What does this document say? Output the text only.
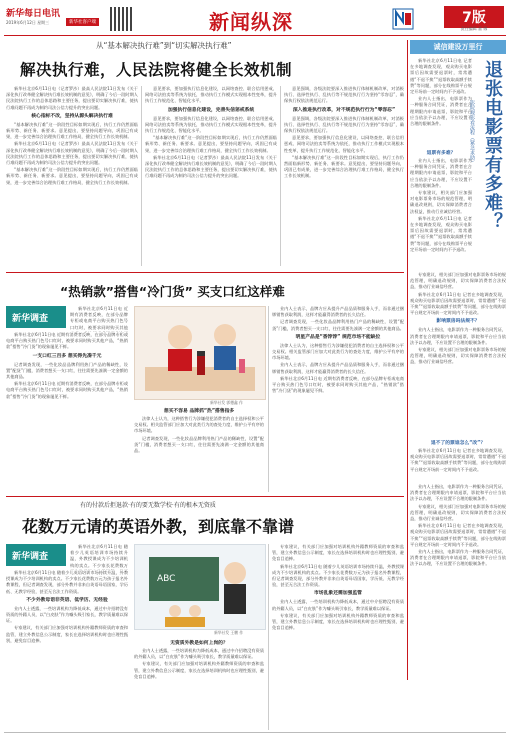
新华每日电讯
2019年6月12日 星期三	新华社客户端	新闻纵深	7版
责任编辑 董 娜
从“基本解决执行难”到“切实解决执行难”
解决执行难，人民法院将健全长效机制

新华社北京6月11日电（记者罗沙）最高人民法院11日发布《关于深化执行改革健全解决执行难长效机制的意见》，明确了今后一段时期人民法院执行工作的总体思路和主要任务，提出要切实解决执行难，使执行难问题不再成为制约司法公信力提升的突出问题。

核心指标不改，坚持从源头解决执行难

“基本解决执行难”这一阶段性目标如期实现后，执行工作仍然面临新形势、新任务、新要求。意见提出，要坚持问题导向，巩固已有成果，进一步完善综合治理执行难工作格局，健全执行工作长效机制。

新华社北京6月11日电（记者罗沙）最高人民法院11日发布《关于深化执行改革健全解决执行难长效机制的意见》，明确了今后一段时期人民法院执行工作的总体思路和主要任务，提出要切实解决执行难，使执行难问题不再成为制约司法公信力提升的突出问题。

“基本解决执行难”这一阶段性目标如期实现后，执行工作仍然面临新形势、新任务、新要求。意见提出，要坚持问题导向，巩固已有成果，进一步完善综合治理执行难工作格局，健全执行工作长效机制。

意见要求，要加强执行信息化建设，以网络查控、联合信用惩戒、网络司法拍卖等系统为依托，推动执行工作模式实现根本性变革，提升执行工作规范化、智能化水平。

加强执行信息化建设，完善失信惩戒系统

意见要求，要加强执行信息化建设，以网络查控、联合信用惩戒、网络司法拍卖等系统为依托，推动执行工作模式实现根本性变革，提升执行工作规范化、智能化水平。

“基本解决执行难”这一阶段性目标如期实现后，执行工作仍然面临新形势、新任务、新要求。意见提出，要坚持问题导向，巩固已有成果，进一步完善综合治理执行难工作格局，健全执行工作长效机制。

新华社北京6月11日电（记者罗沙）最高人民法院11日发布《关于深化执行改革健全解决执行难长效机制的意见》，明确了今后一段时期人民法院执行工作的总体思路和主要任务，提出要切实解决执行难，使执行难问题不再成为制约司法公信力提升的突出问题。

意见强调，各级法院要深入推进执行体制机制改革，对消极执行、选择性执行、乱执行等不规范执行行为坚持“零容忍”，确保执行权依法规范运行。

深入推进执行改革，对不规范执行行为“零容忍”

意见强调，各级法院要深入推进执行体制机制改革，对消极执行、选择性执行、乱执行等不规范执行行为坚持“零容忍”，确保执行权依法规范运行。

意见要求，要加强执行信息化建设，以网络查控、联合信用惩戒、网络司法拍卖等系统为依托，推动执行工作模式实现根本性变革，提升执行工作规范化、智能化水平。

“基本解决执行难”这一阶段性目标如期实现后，执行工作仍然面临新形势、新任务、新要求。意见提出，要坚持问题导向，巩固已有成果，进一步完善综合治理执行难工作格局，健全执行工作长效机制。

诚信建设万里行

新华社北京6月11日电 记者在多地调查发现，观众购买电影票后因故需要退票时，常常遭遇“不退不换”“退票收取高额手续费”等问题，部分在线购票平台规定开场前一定时间内不予退改。

业内人士指出，电影票作为一种服务合同凭证，消费者在合理期限内申请退票，影院和平台应当依法予以办理，不应设置不合理的限制条件。	退张电影票有多难？
影院观影看流程（紧急求助）
退票有多难？

业内人士指出，电影票作为一种服务合同凭证，消费者在合理期限内申请退票，影院和平台应当依法予以办理，不应设置不合理的限制条件。

专家建议，相关部门应加强对电影票务市场的规范管理，明确退改规则，切实保障消费者合法权益，推动行业诚信经营。

新华社北京6月11日电 记者在多地调查发现，观众购买电影票后因故需要退票时，常常遭遇“不退不换”“退票收取高额手续费”等问题，部分在线购票平台规定开场前一定时间内不予退改。

专家建议，相关部门应加强对电影票务市场的规范管理，明确退改规则，切实保障消费者合法权益，推动行业诚信经营。

新华社北京6月11日电 记者在多地调查发现，观众购买电影票后因故需要退票时，常常遭遇“不退不换”“退票收取高额手续费”等问题，部分在线购票平台规定开场前一定时间内不予退改。

影响票房吗法规不？

业内人士指出，电影票作为一种服务合同凭证，消费者在合理期限内申请退票，影院和平台应当依法予以办理，不应设置不合理的限制条件。

专家建议，相关部门应加强对电影票务市场的规范管理，明确退改规则，切实保障消费者合法权益，推动行业诚信经营。

退不了的票谁怎么“改”？

新华社北京6月11日电 记者在多地调查发现，观众购买电影票后因故需要退票时，常常遭遇“不退不换”“退票收取高额手续费”等问题，部分在线购票平台规定开场前一定时间内不予退改。

“热销款”搭售“冷门货” 买支口红这样难
新华调查

新华社北京6月11日电 近期有消费者反映，在部分品牌专柜或电商平台购买热门色号口红时，被要求同时购买其他产品，“热销款”搭售“冷门货”的现象屡见不鲜。

一支口红三百多 想买得先凑千元

记者调查发现，一些化妆品品牌利用热门产品的稀缺性，设置“配货”门槛，消费者想买一支口红，往往需要先凑满一定金额的其他商品。

新华社北京6月11日电 近期有消费者反映，在部分品牌专柜或电商平台购买热门色号口红时，被要求同时购买其他产品，“热销款”搭售“冷门货”的现象屡见不鲜。

新华社北京6月11日电 近期有消费者反映，在部分品牌专柜或电商平台购买热门色号口红时，被要求同时购买其他

新华社发 郭德鑫 作
想买不容易 品牌抓“热”搭售指多

法律人士认为，这种搭售行为涉嫌侵犯消费者的自主选择权和公平交易权。相关监管部门应加大对此类行为的查处力度，维护公平有序的市场环境。

记者调查发现，一些化妆品品牌利用热门产品的稀缺性，设置“配货”门槛，消费者想买一支口红，往往需要先凑满一定金额的其他商品。

业内人士表示，品牌方应从提升产品品质和服务入手，而非通过捆绑销售获取利润，这样才能赢得消费者的长久信任。

记者调查发现，一些化妆品品牌利用热门产品的稀缺性，设置“配货”门槛，消费者想买一支口红，往往需要先凑满一定金额的其他商品。

明星产品是“香饽饽” 规范市场不能缺位

法律人士认为，这种搭售行为涉嫌侵犯消费者的自主选择权和公平交易权。相关监管部门应加大对此类行为的查处力度，维护公平有序的市场环境。

业内人士表示，品牌方应从提升产品品质和服务入手，而非通过捆绑销售获取利润，这样才能赢得消费者的长久信任。

新华社北京6月11日电 近期有消费者反映，在部分品牌专柜或电商平台购买热门色号口红时，被要求同时购买其他产品，“热销款”搭售“冷门货”的现象屡见不鲜。

有的付款后拒退款·有的要无数学校·有的根本无资质
花数万元请的英语外教，到底靠不靠谱
新华调查

新华社北京6月11日电 随着少儿英语培训市场持续升温，外教授课成为不少培训机构的卖点。不少家长花费数万

新华社北京6月11日电 随着少儿英语培训市场持续升温，外教授课成为不少培训机构的卖点。不少家长花费数万元为孩子报名外教课程，但记者调查发现，部分外教并非来自英语母语国家，学历低、无教学经验，甚至无合法工作资质。

不少外教母语非英语、低学历、无经验

业内人士透露，一些培训机构为降低成本，通过中介招聘没有资质的外籍人员，以“白皮肤”作为噱头吸引家长，教学质量难以保证。

专家建议，有关部门应加强对培训机构外籍教师资质的审查和监管，建立外教信息公示制度，家长在选择培训机构时也应理性甄别，避免盲目追捧。

ABC
新华社发 王鹏 作
无资质外教是如何上岗的？

业内人士透露，一些培训机构为降低成本，通过中介招聘没有资质的外籍人员，以“白皮肤”作为噱头吸引家长，教学质量难以保证。

专家建议，有关部门应加强对培训机构外籍教师资质的审查和监管，建立外教信息公示制度，家长在选择培训机构时也应理性甄别，避免盲目追捧。

专家建议，有关部门应加强对培训机构外籍教师资质的审查和监管，建立外教信息公示制度，家长在选择培训机构时也应理性甄别，避免盲目追捧。

新华社北京6月11日电 随着少儿英语培训市场持续升温，外教授课成为不少培训机构的卖点。不少家长花费数万元为孩子报名外教课程，但记者调查发现，部分外教并非来自英语母语国家，学历低、无教学经验，甚至无合法工作资质。

市场乱象还需加强监管

业内人士透露，一些培训机构为降低成本，通过中介招聘没有资质的外籍人员，以“白皮肤”作为噱头吸引家长，教学质量难以保证。

专家建议，有关部门应加强对培训机构外籍教师资质的审查和监管，建立外教信息公示制度，家长在选择培训机构时也应理性甄别，避免盲目追捧。

业内人士指出，电影票作为一种服务合同凭证，消费者在合理期限内申请退票，影院和平台应当依法予以办理，不应设置不合理的限制条件。

专家建议，相关部门应加强对电影票务市场的规范管理，明确退改规则，切实保障消费者合法权益，推动行业诚信经营。

新华社北京6月11日电 记者在多地调查发现，观众购买电影票后因故需要退票时，常常遭遇“不退不换”“退票收取高额手续费”等问题，部分在线购票平台规定开场前一定时间内不予退改。

业内人士指出，电影票作为一种服务合同凭证，消费者在合理期限内申请退票，影院和平台应当依法予以办理，不应设置不合理的限制条件。
